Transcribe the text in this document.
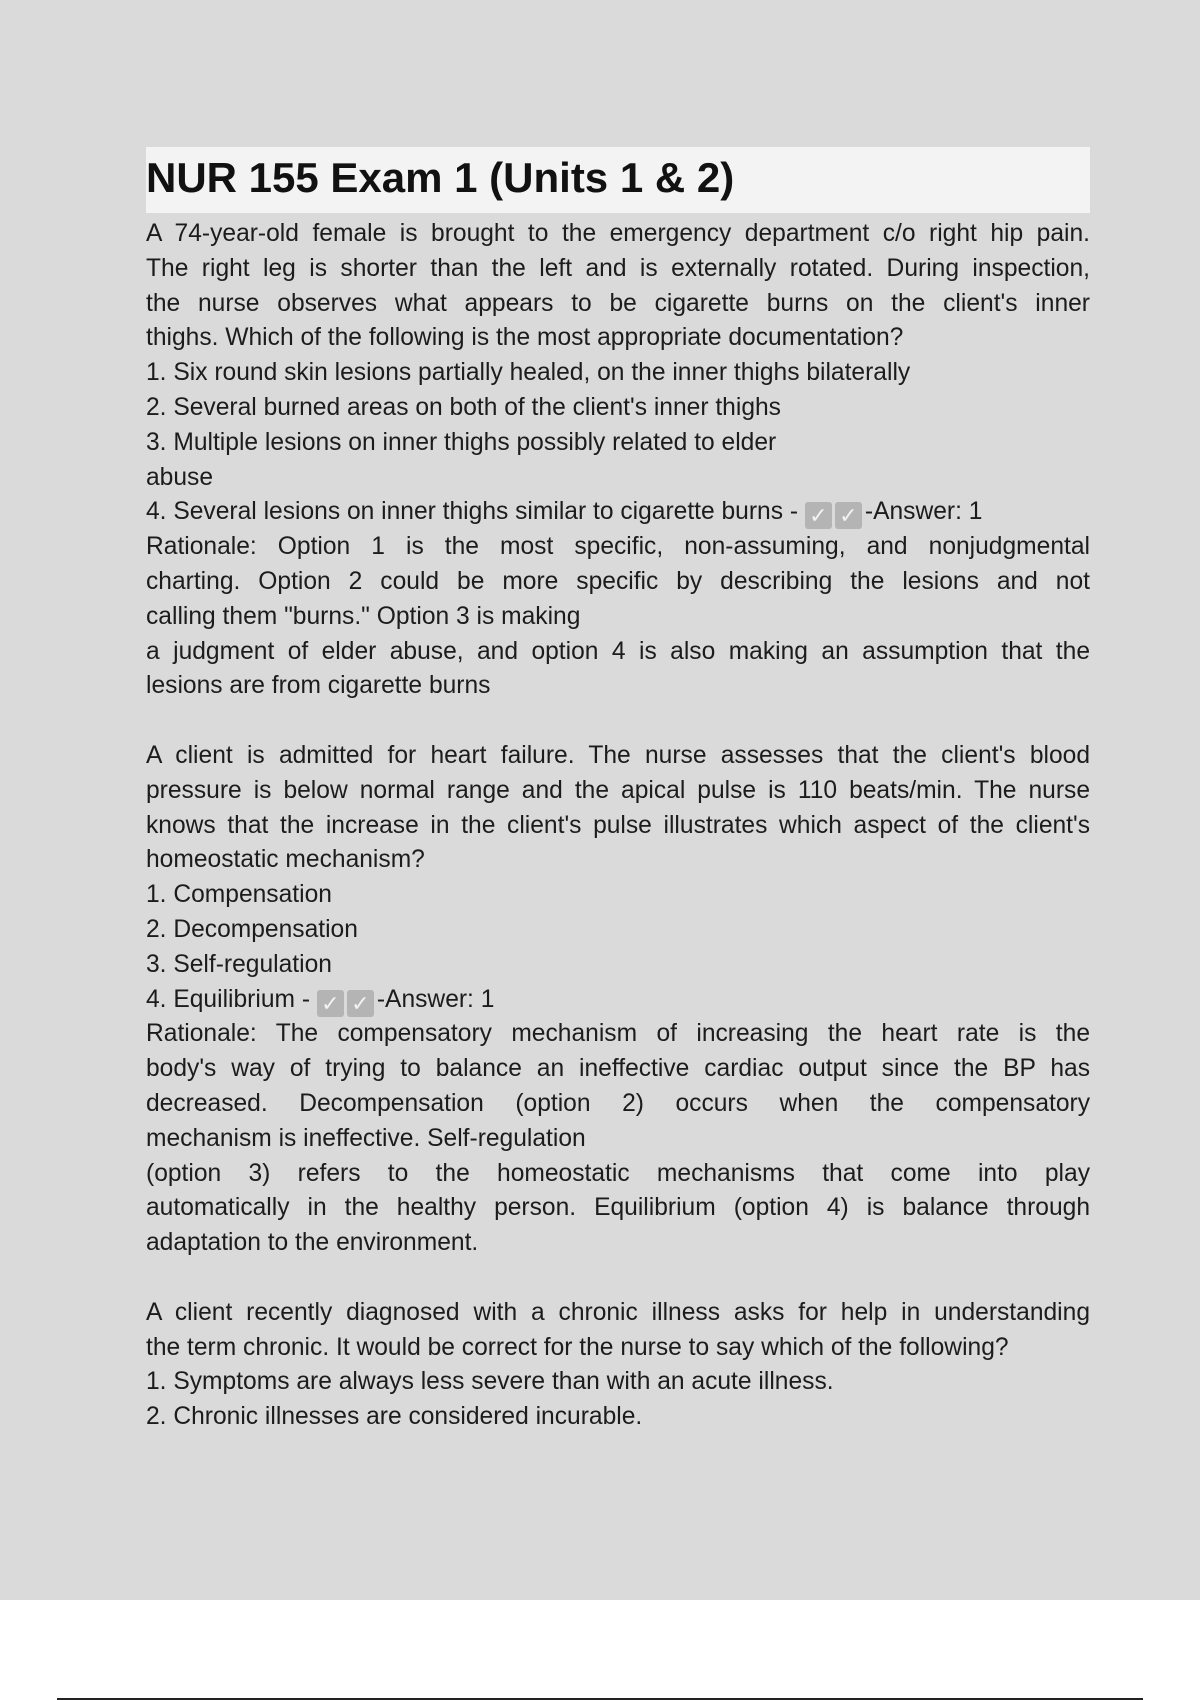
NUR 155 Exam 1 (Units 1 & 2)
A 74-year-old female is brought to the emergency department c/o right hip pain.
The right leg is shorter than the left and is externally rotated. During inspection,
the nurse observes what appears to be cigarette burns on the client's inner
thighs. Which of the following is the most appropriate documentation?
1. Six round skin lesions partially healed, on the inner thighs bilaterally
2. Several burned areas on both of the client's inner thighs
3. Multiple lesions on inner thighs possibly related to elder
abuse
4. Several lesions on inner thighs similar to cigarette burns - ✓ ✓ -Answer: 1
Rationale: Option 1 is the most specific, non-assuming, and nonjudgmental
charting. Option 2 could be more specific by describing the lesions and not
calling them "burns." Option 3 is making
a judgment of elder abuse, and option 4 is also making an assumption that the
lesions are from cigarette burns
A client is admitted for heart failure. The nurse assesses that the client's blood
pressure is below normal range and the apical pulse is 110 beats/min. The nurse
knows that the increase in the client's pulse illustrates which aspect of the client's
homeostatic mechanism?
1. Compensation
2. Decompensation
3. Self-regulation
4. Equilibrium - ✓ ✓ -Answer: 1
Rationale: The compensatory mechanism of increasing the heart rate is the
body's way of trying to balance an ineffective cardiac output since the BP has
decreased. Decompensation (option 2) occurs when the compensatory
mechanism is ineffective. Self-regulation
(option 3) refers to the homeostatic mechanisms that come into play
automatically in the healthy person. Equilibrium (option 4) is balance through
adaptation to the environment.
A client recently diagnosed with a chronic illness asks for help in understanding
the term chronic. It would be correct for the nurse to say which of the following?
1. Symptoms are always less severe than with an acute illness.
2. Chronic illnesses are considered incurable.
